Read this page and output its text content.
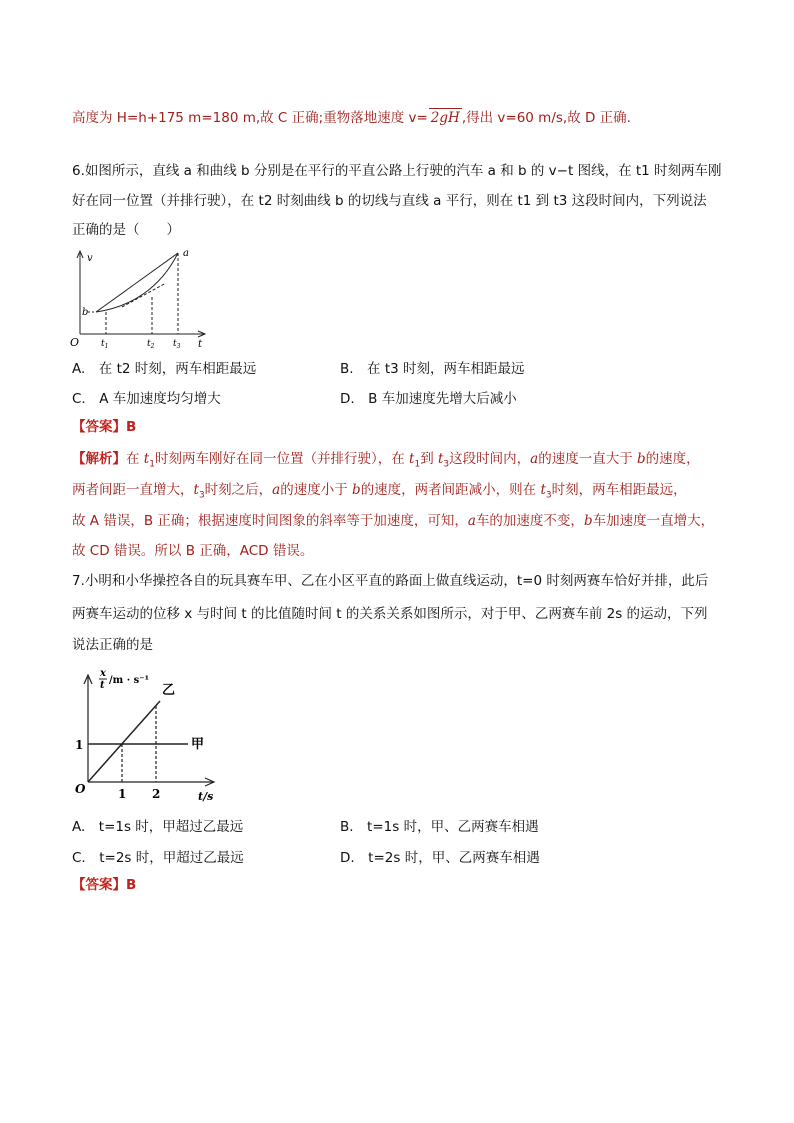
高度为 H=h+175 m=180 m,故 C 正确;重物落地速度 v= 2gH ,得出 v=60 m/s,故 D 正确.
6.如图所示，直线 a 和曲线 b 分别是在平行的平直公路上行驶的汽车 a 和 b 的 v−t 图线，在 t1 时刻两车刚
好在同一位置（并排行驶），在 t2 时刻曲线 b 的切线与直线 a 平行，则在 t1 到 t3 这段时间内，下列说法
正确的是（　　）
v
t
O
a
b
$t_1$	$t_2$ $t_3$
A.　在 t2 时刻，两车相距最远	B.　在 t3 时刻，两车相距最远
C.　A 车加速度均匀增大	D.　B 车加速度先增大后减小
【答案】B
【解析】在 $t_1$时刻两车刚好在同一位置（并排行驶），在 $t_1$到 $t_3$这段时间内，a的速度一直大于 b的速度，
两者间距一直增大，$t_3$时刻之后，a的速度小于 b的速度，两者间距减小，则在 $t_3$时刻，两车相距最远，
故 A 错误，B 正确；根据速度时间图象的斜率等于加速度，可知，a车的加速度不变，b车加速度一直增大，
故 CD 错误。所以 B 正确，ACD 错误。
7.小明和小华操控各自的玩具赛车甲、乙在小区平直的路面上做直线运动，t=0 时刻两赛车恰好并排，此后
两赛车运动的位移 x 与时间 t 的比值随时间 t 的关系关系如图所示，对于甲、乙两赛车前 2s 的运动，下列
说法正确的是
x
t /m · s⁻¹
乙
甲
1
O	1 2	t/s
A.　t=1s 时，甲超过乙最远	B.　t=1s 时，甲、乙两赛车相遇
C.　t=2s 时，甲超过乙最远	D.　t=2s 时，甲、乙两赛车相遇
【答案】B
